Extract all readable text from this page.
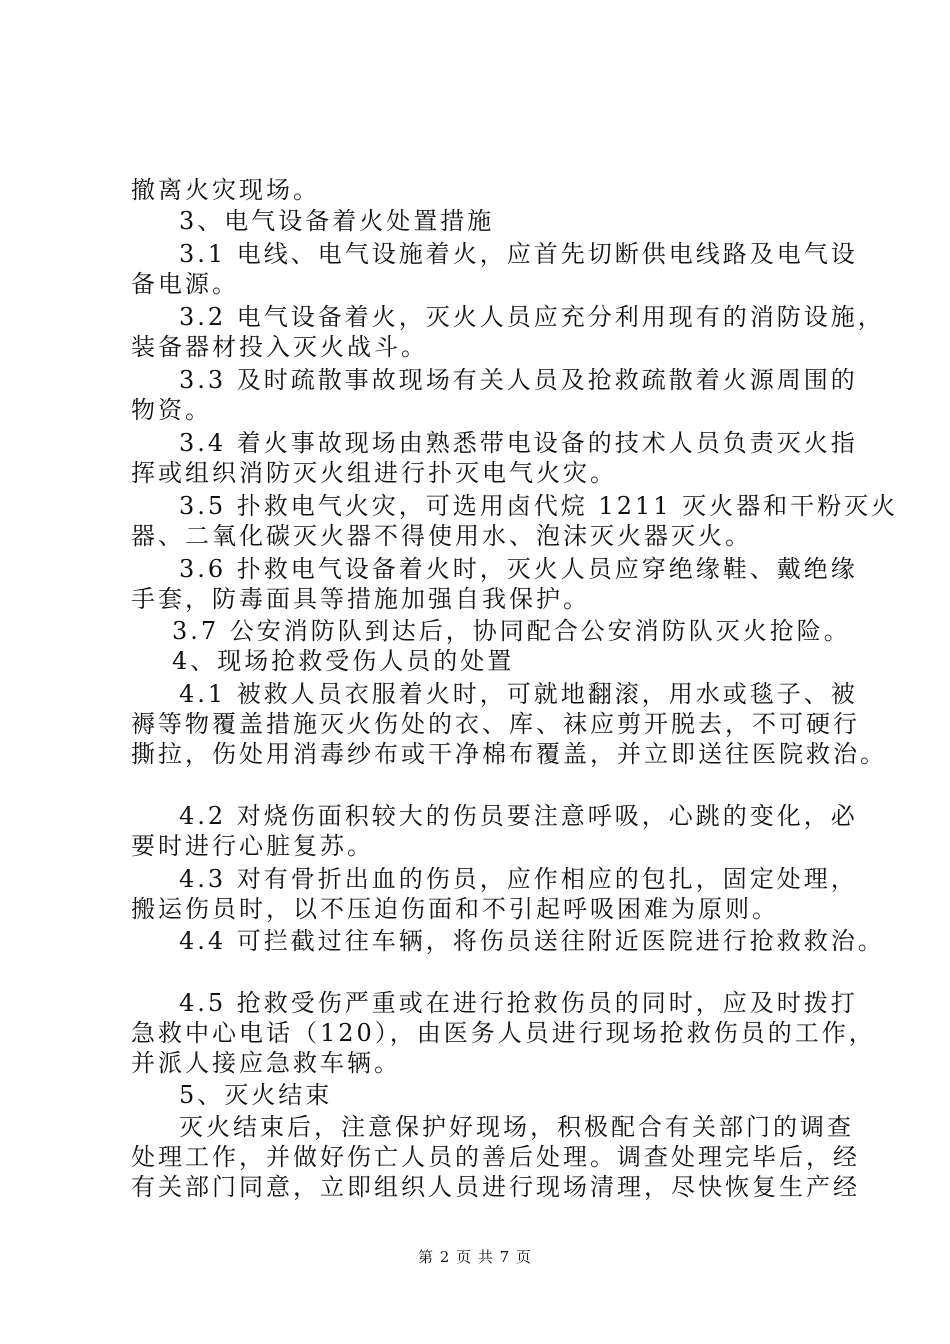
撤离火灾现场。
3、电气设备着火处置措施
3.1 电线、电气设施着火，应首先切断供电线路及电气设
备电源。
3.2 电气设备着火，灭火人员应充分利用现有的消防设施，
装备器材投入灭火战斗。
3.3 及时疏散事故现场有关人员及抢救疏散着火源周围的
物资。
3.4 着火事故现场由熟悉带电设备的技术人员负责灭火指
挥或组织消防灭火组进行扑灭电气火灾。
3.5 扑救电气火灾，可选用卤代烷 1211 灭火器和干粉灭火
器、二氧化碳灭火器不得使用水、泡沫灭火器灭火。
3.6 扑救电气设备着火时，灭火人员应穿绝缘鞋、戴绝缘
手套，防毒面具等措施加强自我保护。
3.7 公安消防队到达后，协同配合公安消防队灭火抢险。
4、现场抢救受伤人员的处置
4.1 被救人员衣服着火时，可就地翻滚，用水或毯子、被
褥等物覆盖措施灭火伤处的衣、库、袜应剪开脱去，不可硬行
撕拉，伤处用消毒纱布或干净棉布覆盖，并立即送往医院救治。
4.2 对烧伤面积较大的伤员要注意呼吸，心跳的变化，必
要时进行心脏复苏。
4.3 对有骨折出血的伤员，应作相应的包扎，固定处理，
搬运伤员时，以不压迫伤面和不引起呼吸困难为原则。
4.4 可拦截过往车辆，将伤员送往附近医院进行抢救救治。
4.5 抢救受伤严重或在进行抢救伤员的同时，应及时拨打
急救中心电话（120），由医务人员进行现场抢救伤员的工作，
并派人接应急救车辆。
5、灭火结束
灭火结束后，注意保护好现场，积极配合有关部门的调查
处理工作，并做好伤亡人员的善后处理。调查处理完毕后，经
有关部门同意，立即组织人员进行现场清理，尽快恢复生产经
第 2 页 共 7 页
